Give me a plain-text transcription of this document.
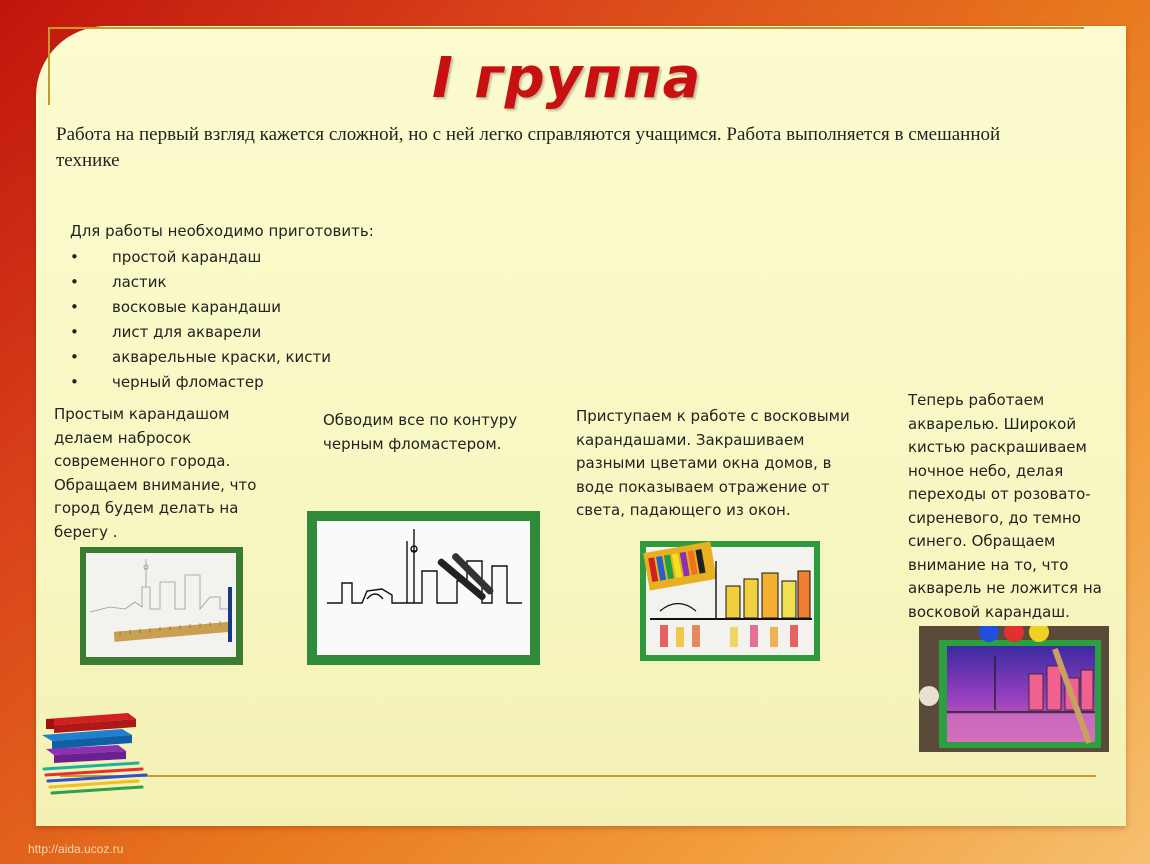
I группа
Работа на первый взгляд кажется сложной, но с ней легко справляются учащимся. Работа выполняется в смешанной технике
Для работы необходимо приготовить:
• простой карандаш
• ластик
• восковые карандаши
• лист для акварели
• акварельные краски, кисти
• черный фломастер
Простым карандашом делаем набросок современного города. Обращаем внимание, что город будем делать на берегу .
Обводим все по контуру черным фломастером.
Приступаем к работе с восковыми карандашами. Закрашиваем разными цветами окна домов, в воде показываем отражение от света, падающего из окон.
Теперь работаем акварелью. Широкой кистью раскрашиваем ночное небо, делая переходы от розовато-сиреневого, до темно синего. Обращаем внимание на то, что акварель не ложится на восковой карандаш.
http://aida.ucoz.ru
